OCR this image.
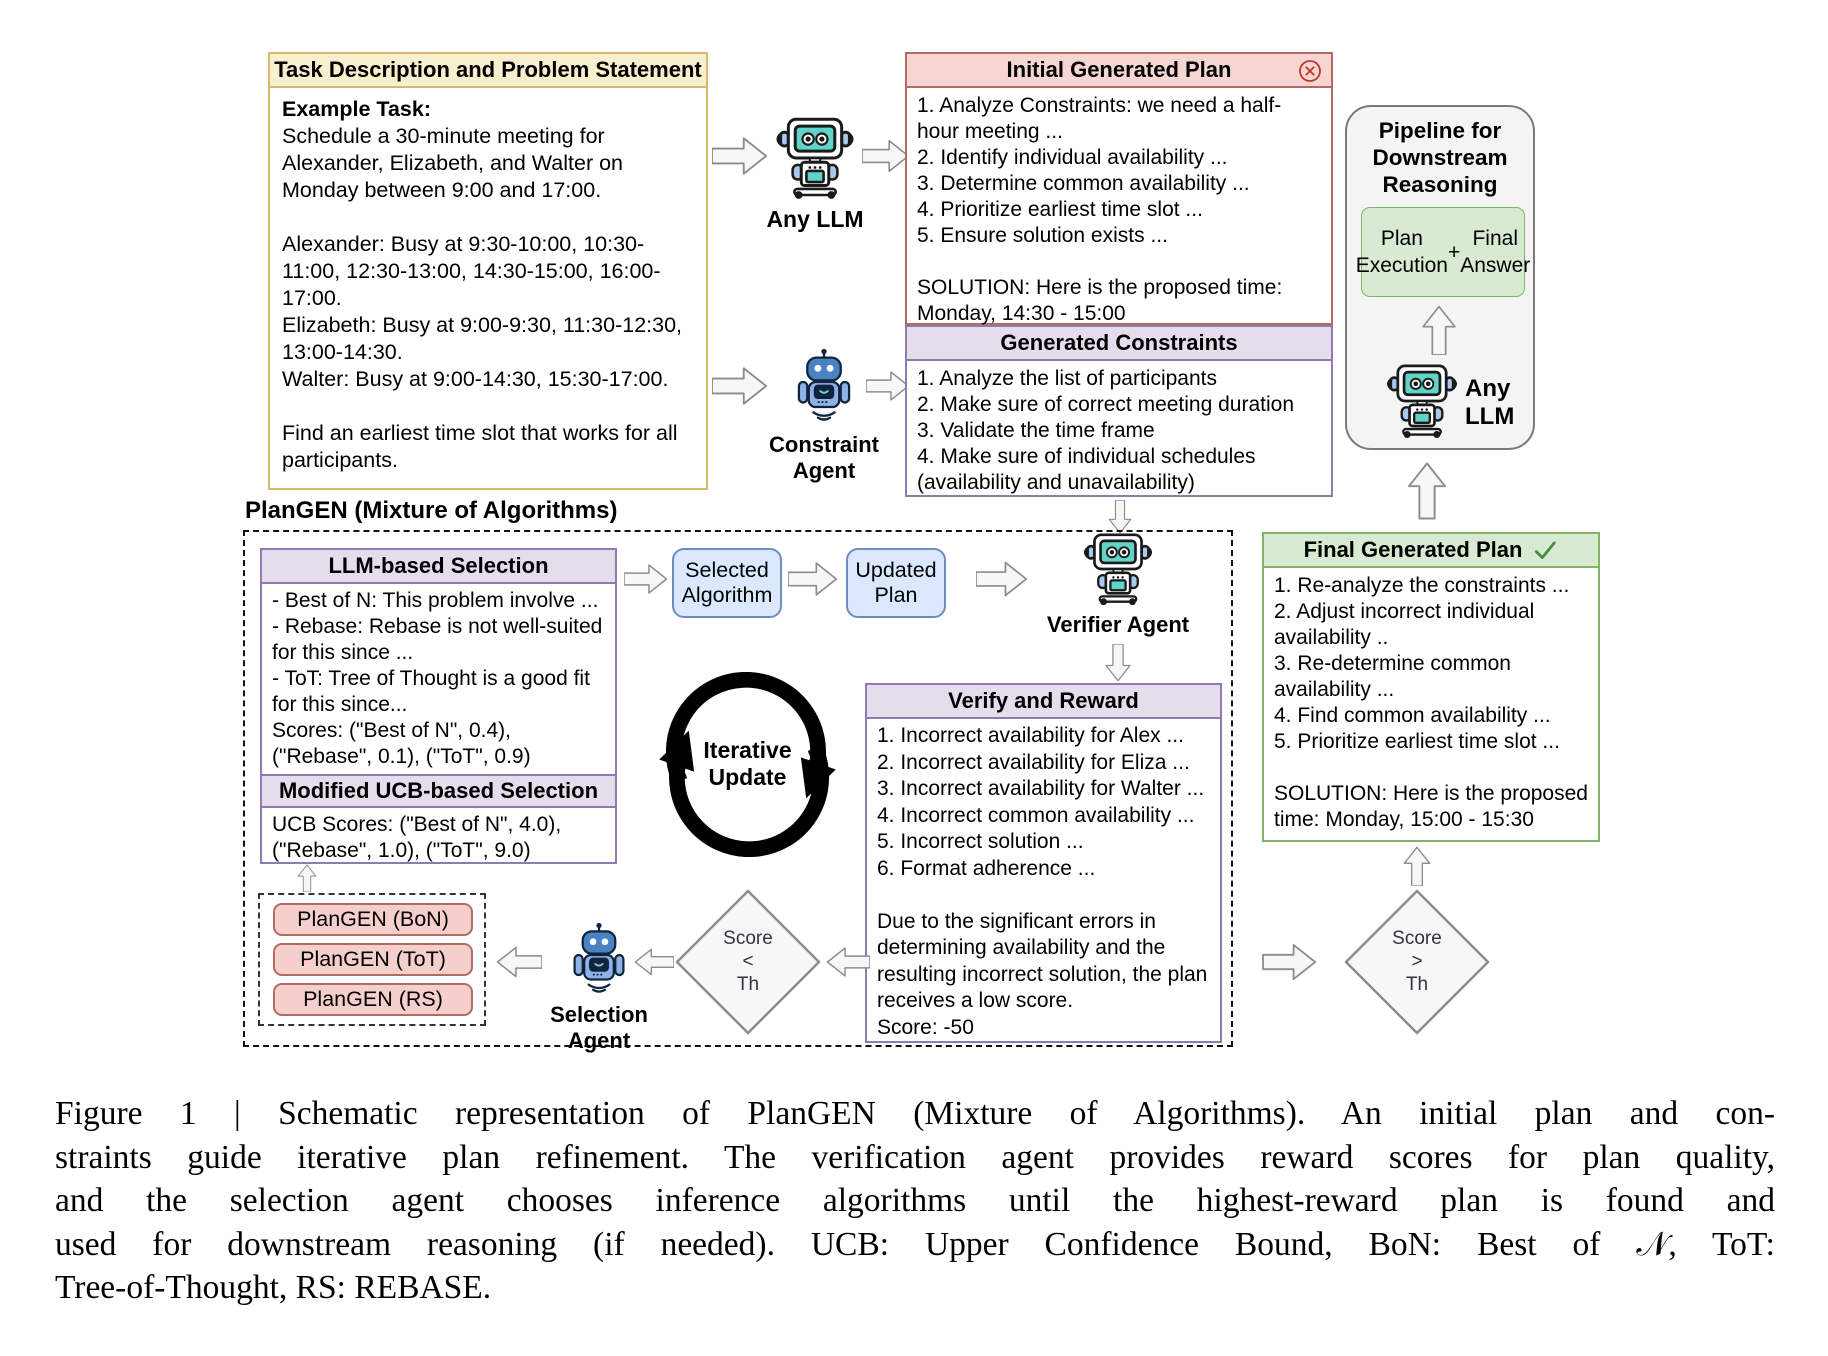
Task Description and Problem Statement
Example Task:
Schedule a 30-minute meeting for Alexander, Elizabeth, and Walter on Monday between 9:00 and 17:00.

Alexander: Busy at 9:30-10:00, 10:30-11:00, 12:30-13:00, 14:30-15:00, 16:00-17:00.
Elizabeth: Busy at 9:00-9:30, 11:30-12:30, 13:00-14:30.
Walter: Busy at 9:00-14:30, 15:30-17:00.

Find an earliest time slot that works for all participants.
Any LLM
Constraint Agent
Initial Generated Plan
1. Analyze Constraints: we need a half-hour meeting ...
2. Identify individual availability ...
3. Determine common availability ...
4. Prioritize earliest time slot ...
5. Ensure solution exists ...

SOLUTION: Here is the proposed time: Monday, 14:30 - 15:00
Generated Constraints
1. Analyze the list of participants
2. Make sure of correct meeting duration
3. Validate the time frame
4. Make sure of individual schedules (availability and unavailability)
Pipeline for Downstream Reasoning
Plan Execution
+
Final Answer
Any LLM
PlanGEN (Mixture of Algorithms)
LLM-based Selection
- Best of N: This problem involve ...
- Rebase: Rebase is not well-suited for this since ...
- ToT: Tree of Thought is a good fit for this since...
Scores: ("Best of N", 0.4), ("Rebase", 0.1), ("ToT", 0.9)
Modified UCB-based Selection
UCB Scores: ("Best of N", 4.0), ("Rebase", 1.0), ("ToT", 9.0)
Selected Algorithm
Updated Plan
Verifier Agent
Iterative
Update
Verify and Reward
1. Incorrect availability for Alex ...
2. Incorrect availability for Eliza ...
3. Incorrect availability for Walter ...
4. Incorrect common availability ...
5. Incorrect solution ...
6. Format adherence ...

Due to the significant errors in determining availability and the resulting incorrect solution, the plan receives a low score.
Score: -50
Score
<
Th
Selection Agent
PlanGEN (BoN)
PlanGEN (ToT)
PlanGEN (RS)
Score
>
Th
Final Generated Plan
1. Re-analyze the constraints ...
2. Adjust incorrect individual availability ..
3. Re-determine common availability ...
4. Find common availability ...
5. Prioritize earliest time slot ...

SOLUTION: Here is the proposed time: Monday, 15:00 - 15:30
Figure 1 | Schematic representation of PlanGEN (Mixture of Algorithms). An initial plan and con-
straints guide iterative plan refinement. The verification agent provides reward scores for plan quality,
and the selection agent chooses inference algorithms until the highest-reward plan is found and
used for downstream reasoning (if needed). UCB: Upper Confidence Bound, BoN: Best of 𝒩, ToT:
Tree-of-Thought, RS: REBASE.
